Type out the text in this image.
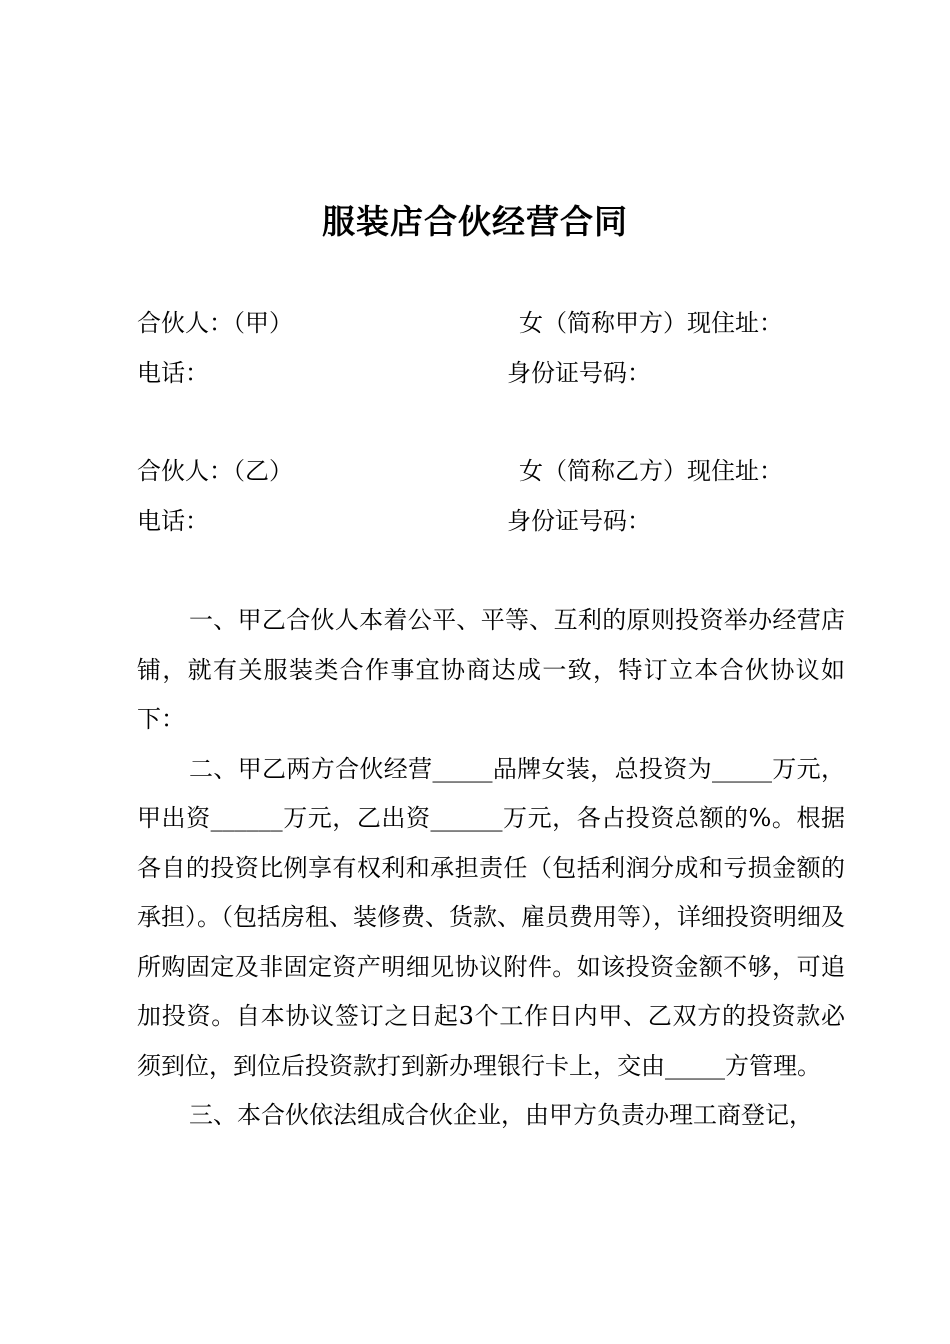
服装店合伙经营合同
合伙人：（甲）	女（简称甲方）现住址：
电话：	身份证号码：
合伙人：（乙）	女（简称乙方）现住址：
电话：	身份证号码：

一、甲乙合伙人本着公平、平等、互利的原则投资举办经营店铺，就有关服装类合作事宜协商达成一致，特订立本合伙协议如下：

二、甲乙两方合伙经营_____品牌女装，总投资为_____万元，甲出资______万元，乙出资______万元，各占投资总额的%。根据各自的投资比例享有权利和承担责任（包括利润分成和亏损金额的承担）。（包括房租、装修费、货款、雇员费用等），详细投资明细及所购固定及非固定资产明细见协议附件。如该投资金额不够，可追加投资。自本协议签订之日起3个工作日内甲、乙双方的投资款必须到位，到位后投资款打到新办理银行卡上，交由_____方管理。

三、本合伙依法组成合伙企业，由甲方负责办理工商登记，
